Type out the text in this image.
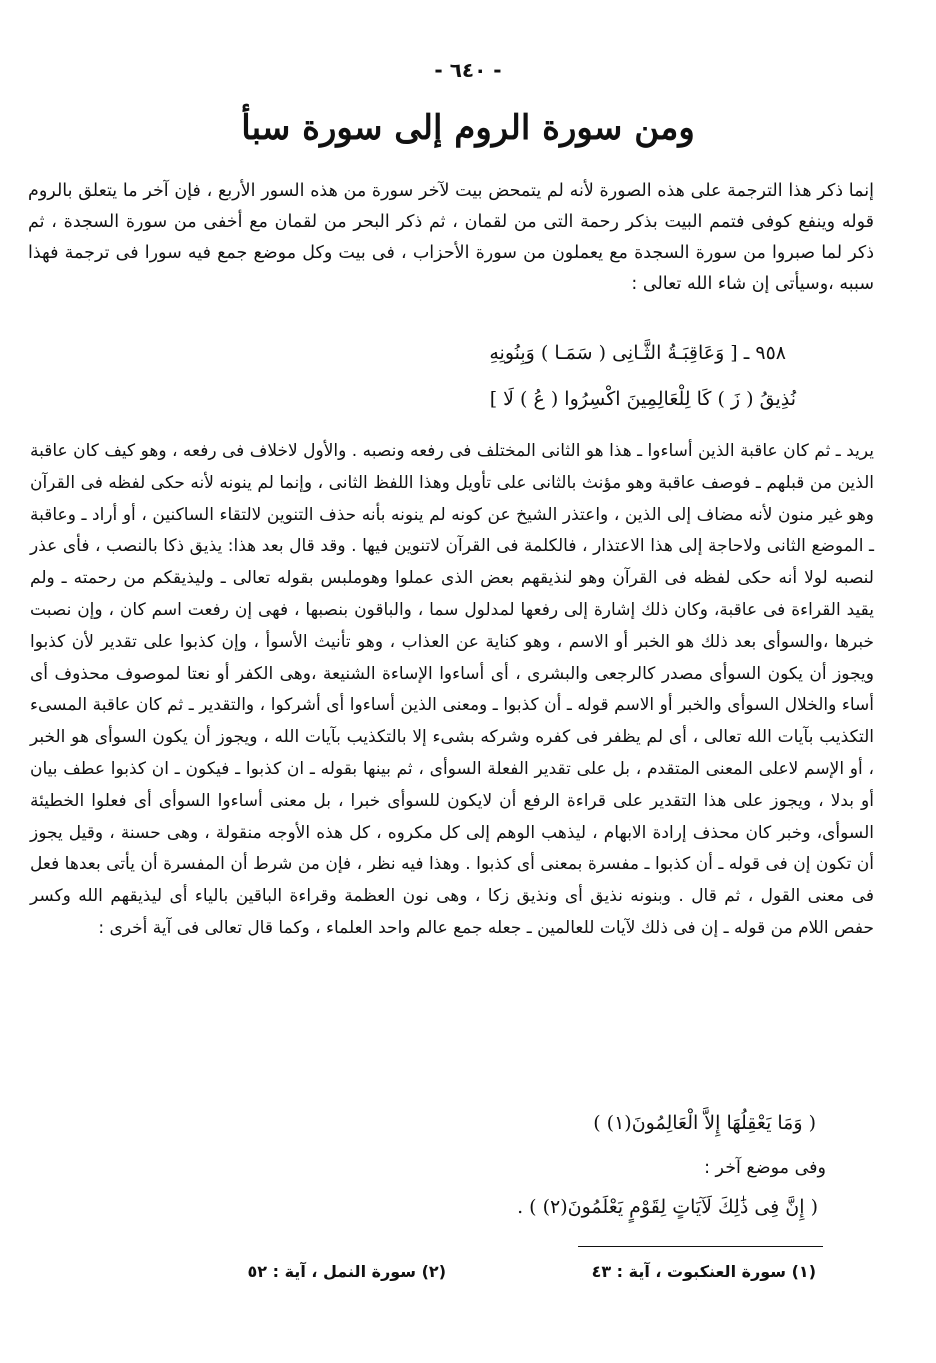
- ٦٤٠ -
ومن سورة الروم إلى سورة سبأ
إنما ذكر هذا الترجمة على هذه الصورة لأنه لم يتمحض بيت لآخر سورة من هذه السور الأربع ، فإن آخر ما يتعلق بالروم قوله وينفع كوفى فتمم البيت بذكر رحمة التى من لقمان ، ثم ذكر البحر من لقمان مع أخفى من سورة السجدة ، ثم ذكر لما صبروا من سورة السجدة مع يعملون من سورة الأحزاب ، فى بيت وكل موضع جمع فيه سورا فى ترجمة فهذا سببه ،وسيأتى إن شاء الله تعالى :
٩٥٨ ـ [ وَعَاقِبَـةُ الثَّـانِى ( سَمَـا ) وَبِنُونِهِ
نُذِيقُ ( زَ ) كَا لِلْعَالِمِينَ اكْسِرُوا ( عُ ) لَا ]
يريد ـ ثم كان عاقبة الذين أساءوا ـ هذا هو الثانى المختلف فى رفعه ونصبه . والأول لاخلاف فى رفعه ، وهو كيف كان عاقبة الذين من قبلهم ـ فوصف عاقبة وهو مؤنث بالثانى على تأويل وهذا اللفظ الثانى ، وإنما لم ينونه لأنه حكى لفظه فى القرآن وهو غير منون لأنه مضاف إلى الذين ، واعتذر الشيخ عن كونه لم ينونه بأنه حذف التنوين لالتقاء الساكنين ، أو أراد ـ وعاقبة ـ الموضع الثانى ولاحاجة إلى هذا الاعتذار ، فالكلمة فى القرآن لاتنوين فيها . وقد قال بعد هذا: يذيق ذكا بالنصب ، فأى عذر لنصبه لولا أنه حكى لفظه فى القرآن وهو لنذيقهم بعض الذى عملوا وهوملبس بقوله تعالى ـ وليذيقكم من رحمته ـ ولم يقيد القراءة فى عاقبة، وكان ذلك إشارة إلى رفعها لمدلول سما ، والباقون بنصبها ، فهى إن رفعت اسم كان ، وإن نصبت خبرها ،والسوأى بعد ذلك هو الخبر أو الاسم ، وهو كناية عن العذاب ، وهو تأنيث الأسوأ ، وإن كذبوا على تقدير لأن كذبوا ويجوز أن يكون السوأى مصدر كالرجعى والبشرى ، أى أساءوا الإساءة الشنيعة ،وهى الكفر أو نعتا لموصوف محذوف أى أساء والخلال السوأى والخبر أو الاسم قوله ـ أن كذبوا ـ ومعنى الذين أساءوا أى أشركوا ، والتقدير ـ ثم كان عاقبة المسىء التكذيب بآيات الله تعالى ، أى لم يظفر فى كفره وشركه بشىء إلا بالتكذيب بآيات الله ، ويجوز أن يكون السوأى هو الخبر ، أو الإسم لاعلى المعنى المتقدم ، بل على تقدير الفعلة السوأى ، ثم بينها بقوله ـ ان كذبوا ـ فيكون ـ ان كذبوا عطف بيان أو بدلا ، ويجوز على هذا التقدير على قراءة الرفع أن لايكون للسوأى خبرا ، بل معنى أساءوا السوأى أى فعلوا الخطيئة السوأى، وخبر كان محذف إرادة الابهام ، ليذهب الوهم إلى كل مكروه ، كل هذه الأوجه منقولة ، وهى حسنة ، وقيل يجوز أن تكون إن فى قوله ـ أن كذبوا ـ مفسرة بمعنى أى كذبوا . وهذا فيه نظر ، فإن من شرط أن المفسرة أن يأتى بعدها فعل فى معنى القول ، ثم قال . وبنونه نذيق أى ونذيق زكا ، وهى نون العظمة وقراءة الباقين بالياء أى ليذيقهم الله وكسر حفص اللام من قوله ـ إن فى ذلك لآيات للعالمين ـ جعله جمع عالم واحد العلماء ، وكما قال تعالى فى آية أخرى :
( وَمَا يَعْقِلُهَا إِلاَّ الْعَالِمُونَ(١) )
وفى موضع آخر :
( إِنَّ فِى ذَٰلِكَ لَآيَاتٍ لِقَوْمٍ يَعْلَمُونَ(٢) ) .
(١) سورة العنكبوت ، آية : ٤٣
(٢) سورة النمل ، آية : ٥٢
